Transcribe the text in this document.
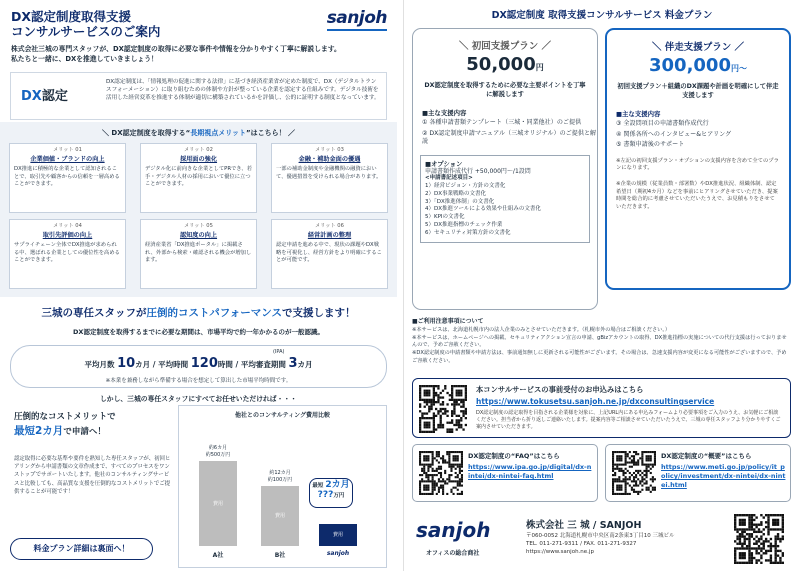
DX認定制度取得支援
コンサルサービスのご案内
sanjoh
株式会社三城の専門スタッフが、DX認定制度の取得に必要な事件や情報を分かりやすく丁寧に解説します。
私たちと一緒に、DXを推進していきましょう！
DX認定
DX認定制度は、「情報処理の促進に関する法律」に基づき経済産業省が定めた制度で、DX（デジタルトランスフォーメーション）に取り組むための体制や方針が整っている企業を認定する仕組みです。デジタル技術を活用した経営変革を推進する体制が適切に構築されているかを評価し、公的に証明する制度となっています。
＼ DX認定制度を取得する“長期視点メリット”はこちら！ ／
メリット 01
企業価値・ブランドの向上
DX推進に積極的な企業として認知されることで、取引先や顧客からの信頼を一層高めることができます。
メリット 02
採用面の強化
デジタル化に前向きな企業としてPRでき、若手・デジタル人材の採用において優位に立つことができます。
メリット 03
金融・補助金面の優遇
一部の補助金制度や金融機関の融資において、優遇措置を受けられる場合があります。
メリット 04
取引先評価の向上
サプライチェーン全体でDX推進が求められる中、選ばれる企業としての優位性を高めることができます。
メリット 05
認知度の向上
経済産業省「DX推進ポータル」に掲載され、外部から検索・確認される機会が増加します。
メリット 06
経営計画の整理
認定申請を進める中で、現状の課題やDX戦略を可視化し、経営方針をより明確にすることが可能です。
三城の専任スタッフが圧倒的コストパフォーマンスで支援します！
DX認定制度を取得するまでに必要な期間は、市場平均で約一年かかるのが一般認識。
(IPA)
平均月数 10カ月 / 平均時間 120時間 / 平均審査期間 3カ月
※本業を兼務しながら準備する場合を想定して算出した市場平均時間です。
しかし、三城の専任スタッフにすべてお任せいただければ・・・
圧倒的なコストメリットで
最短2カ月で申請へ！
認定取得に必要な基準や要件を熟知した専任スタッフが、初回ヒアリングから申請書類の文章作成まで、すべてのプロセスをワンストップでサポートいたします。他社のコンサルティングサービスと比較しても、高品質な支援を圧倒的なコストメリットでご提供することが可能です！
料金プラン詳細は裏面へ！
他社とのコンサルティング費用比較
費用
約6カ月
約500万円
A社
費用
約12カ月
約100万円
B社
費用
sanjoh
最短 2カ月
???万円
DX認定制度 取得支援コンサルサービス 料金プラン
＼ 初回支援プラン ／
50,000円
DX認定制度を取得するために必要な主要ポイントを丁寧に解説します
■主な支援内容
① 各種申請書類テンプレート（三城・同業他社）のご提供
② DX認定制度申請マニュアル（三城オリジナル）のご提供と解説
■オプション
申請書類作成代行 +50,000円〜/1設問
<申請書記述項目>
1）経営ビジョン・方針の文書化
2）DX事業戦略の文書化
3）「DX推進体制」の文書化
4）DX推進ツールによる効果や仕組みの文書化
5）KPIの文書化
5）DX推進指標のチェック作業
6）セキュリティ対策方針の文書化
＼ 伴走支援プラン ／
300,000円〜
初回支援プラン＋組織のDX課題や計画を明確にして伴走支援します
■主な支援内容
③ 全設問項目の申請書類作成代行
④ 関係各所へのインタビュー&ヒアリング
⑤ 書類申請後のサポート
※左記の初回支援プラン・オプションの支援内容を含めて全てのプランになります。
※企業の規模（従業員数・部署数）やDX推進状況、組織体制、認定希望日（期初4カ月）などを事前にヒアリングさせていただき、提案時間を総合的に考慮させていただいたうえで、お見積もりをさせていただきます。
■ご利用注意事項について
※本サービスは、北海道札幌市内の法人企業のみとさせていただきます。（札幌市外の場合はご相談ください。）
※本サービスは、ホームページへの掲載、セキュリティアクション宣言の申請、gBizアカウントの取得、DX推進指標の実施についての代行支援は行っておりませんので、予めご容赦ください。
※DX認定制度の申請書類や申請方法は、事前通知無しに更新される可能性がございます。その場合は、急速支援内容が変更になる可能性がございますので、予めご容赦ください。
本コンサルサービスの事前受付のお申込みはこちら
https://www.tokusetsu.sanjoh.ne.jp/dxconsultingservice
DX認定制度の認定取得を目指される企業様を対象に、上記URL内にある申込みフォームより必要事項をご入力のうえ、お気軽にご相談ください。担当者から折り返しご連絡いたします。提案内容等ご相談させていただいたうえで、三城の専任スタッフより分かりやすくご案内させていただきます。
DX認定制度の“FAQ”はこちら
https://www.ipa.go.jp/digital/dx-nintei/dx-nintei-faq.html
DX認定制度の“概要”はこちら
https://www.meti.go.jp/policy/it_policy/investment/dx-nintei/dx-nintei.html
sanjoh
オフィスの総合商社
株式会社 三 城 / SANJOH
〒060-0052 北海道札幌市中央区南2条東3丁目10 三城ビル
TEL. 011-271-9311 / FAX. 011-271-9327
https://www.sanjoh.ne.jp
